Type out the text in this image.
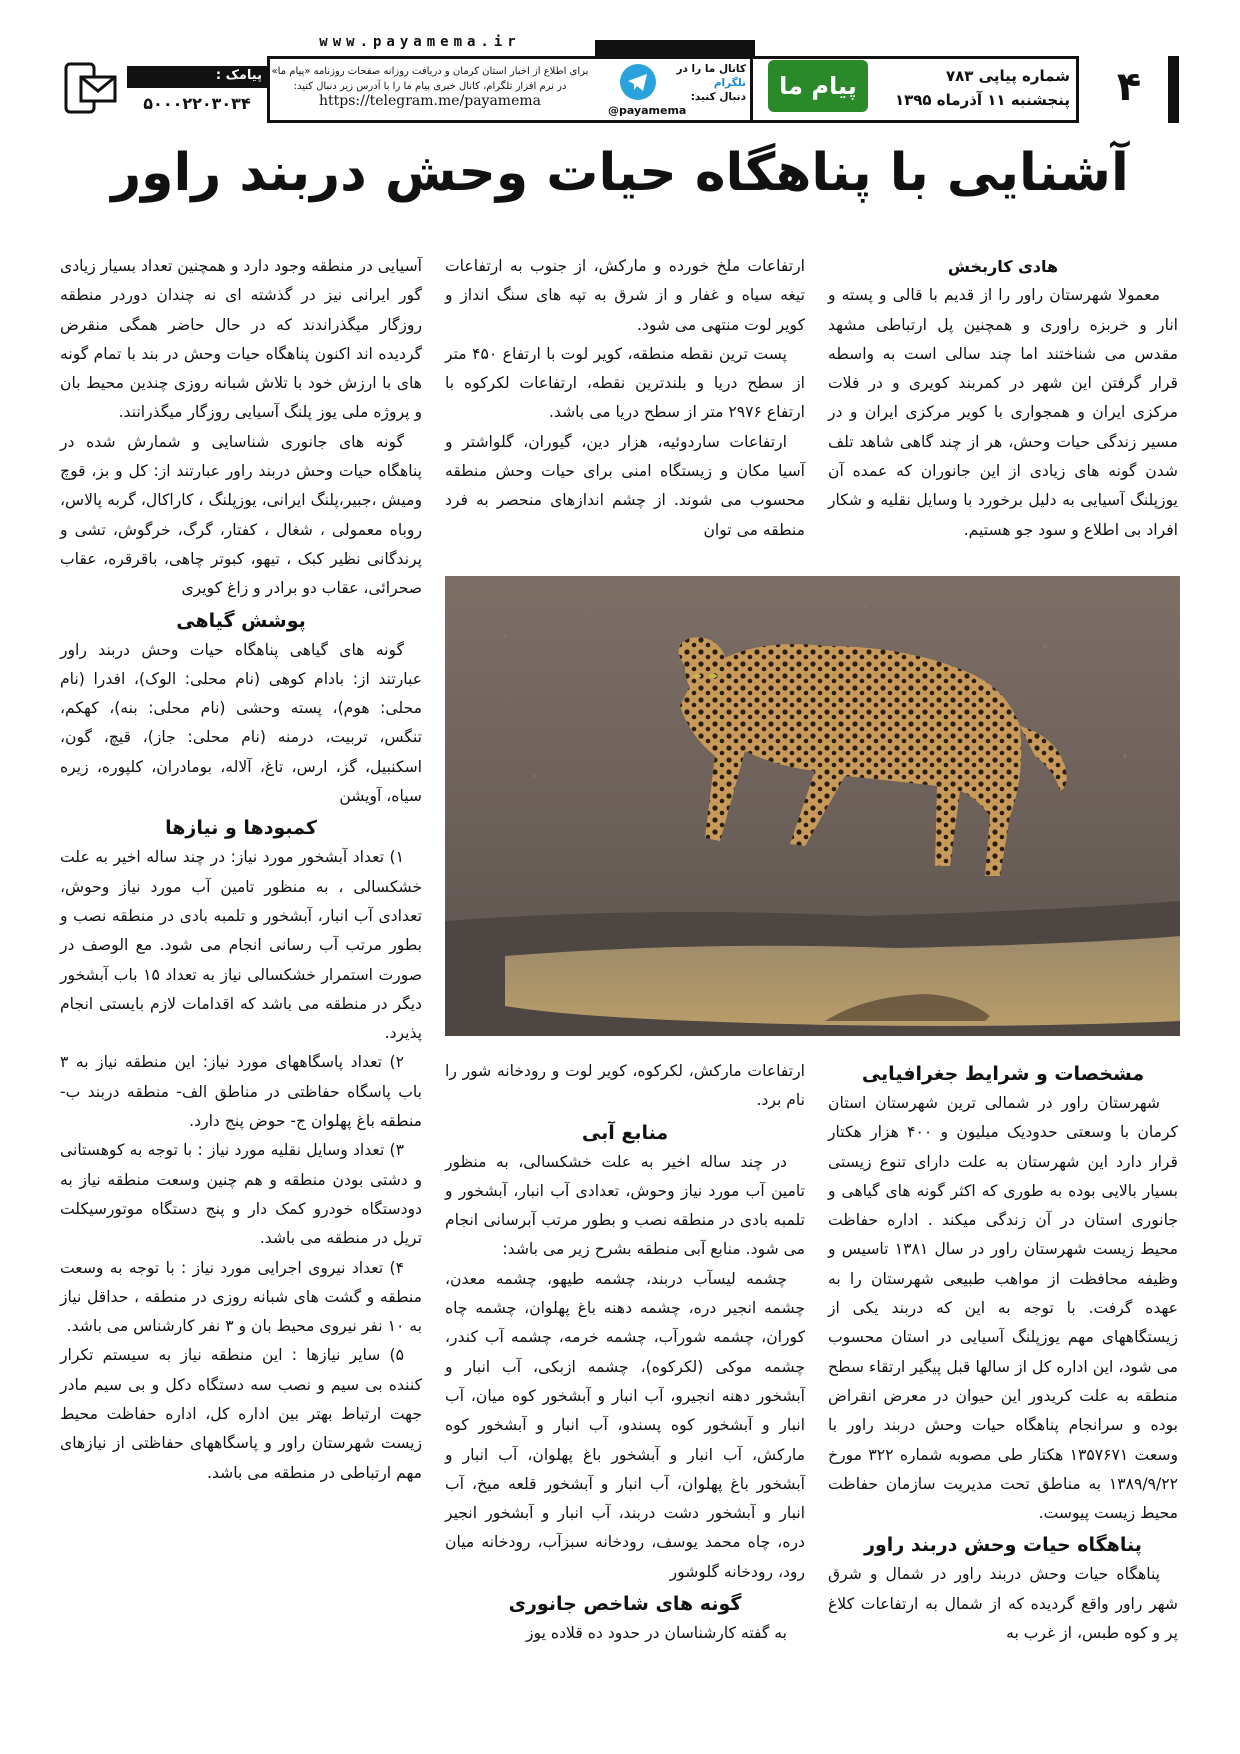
www.payamema.ir
۴
شماره پیاپی ۷۸۳
پنجشنبه ۱۱ آذرماه ۱۳۹۵
پیام ما
کانال ما را در
تلگرام
دنبال کنید:
@payamema
برای اطلاع از اخبار استان کرمان و دریافت روزانه صفحات روزنامه «پیام ما»
در نرم افزار تلگرام، کانال خبری پیام ما را با آدرس زیر دنبال کنید:
https://telegram.me/payamema
پیامک :
۵۰۰۰۲۲۰۳۰۳۴
آشنایی با پناهگاه حیات وحش دربند راور
هادی کاربخش

معمولا شهرستان راور را از قدیم با قالی و پسته و انار و خربزه راوری و همچنین پل ارتباطی مشهد مقدس می شناختند اما چند سالی است به واسطه قرار گرفتن این شهر در کمربند کویری و در فلات مرکزی ایران و همجواری با کویر مرکزی ایران و در مسیر زندگی حیات وحش، هر از چند گاهی شاهد تلف شدن گونه های زیادی از این جانوران که عمده آن یوزپلنگ آسیایی به دلیل برخورد با وسایل نقلیه و شکار افراد بی اطلاع و سود جو هستیم.

ارتفاعات ملخ خورده و مارکش، از جنوب به ارتفاعات تیغه سیاه و غفار و از شرق به تپه های سنگ انداز و کویر لوت منتهی می شود.

پست ترین نقطه منطقه، کویر لوت با ارتفاع ۴۵۰ متر از سطح دریا و بلندترین نقطه، ارتفاعات لکرکوه با ارتفاع ۲۹۷۶ متر از سطح دریا می باشد.

ارتفاعات ساردوئیه، هزار دین، گیوران، گلواشتر و آسیا مکان و زیستگاه امنی برای حیات وحش منطقه محسوب می شوند. از چشم اندازهای منحصر به فرد منطقه می توان

مشخصات و شرایط جغرافیایی

شهرستان راور در شمالی ترین شهرستان استان کرمان با وسعتی حدودیک میلیون و ۴۰۰ هزار هکتار قرار دارد این شهرستان به علت دارای تنوع زیستی بسیار بالایی بوده به طوری که اکثر گونه های گیاهی و جانوری استان در آن زندگی میکند . اداره حفاظت محیط زیست شهرستان راور در سال ۱۳۸۱ تاسیس و وظیفه محافظت از مواهب طبیعی شهرستان را به عهده گرفت. با توجه به این که دربند یکی از زیستگاههای مهم یوزپلنگ آسیایی در استان محسوب می شود، این اداره کل از سالها قبل پیگیر ارتقاء سطح منطقه به علت کریدور این حیوان در معرض انقراض بوده و سرانجام پناهگاه حیات وحش دربند راور با وسعت ۱۳۵۷۶۷۱ هکتار طی مصوبه شماره ۳۲۲ مورخ ۱۳۸۹/۹/۲۲ به مناطق تحت مدیریت سازمان حفاظت محیط زیست پیوست.

پناهگاه حیات وحش دربند راور

پناهگاه حیات وحش دربند راور در شمال و شرق شهر راور واقع گردیده که از شمال به ارتفاعات کلاغ پر و کوه طبس، از غرب به

ارتفاعات مارکش، لکرکوه، کویر لوت و رودخانه شور را نام برد.

منابع آبی

در چند ساله اخیر به علت خشکسالی، به منظور تامین آب مورد نیاز وحوش، تعدادی آب انبار، آبشخور و تلمبه بادی در منطقه نصب و بطور مرتب آبرسانی انجام می شود. منابع آبی منطقه بشرح زیر می باشد:

چشمه لیسآب دربند، چشمه طیهو، چشمه معدن، چشمه انجیر دره، چشمه دهنه باغ پهلوان، چشمه چاه کوران، چشمه شورآب، چشمه خرمه، چشمه آب کندر، چشمه موکی (لکرکوه)، چشمه ازبکی، آب انبار و آبشخور دهنه انجیرو، آب انبار و آبشخور کوه میان، آب انبار و آبشخور کوه پسندو، آب انبار و آبشخور کوه مارکش، آب انبار و آبشخور باغ پهلوان، آب انبار و آبشخور باغ پهلوان، آب انبار و آبشخور قلعه میخ، آب انبار و آبشخور دشت دربند، آب انبار و آبشخور انجیر دره، چاه محمد یوسف، رودخانه سبزآب، رودخانه میان رود، رودخانه گلوشور

گونه های شاخص جانوری

به گفته کارشناسان در حدود ده قلاده یوز

آسیایی در منطقه وجود دارد و همچنین تعداد بسیار زیادی گور ایرانی نیز در گذشته ای نه چندان دوردر منطقه روزگار میگذراندند که در حال حاضر همگی منقرض گردیده اند اکنون پناهگاه حیات وحش در بند با تمام گونه های با ارزش خود با تلاش شبانه روزی چندین محیط بان و پروژه ملی یوز پلنگ آسیایی روزگار میگذرانند.

گونه های جانوری شناسایی و شمارش شده در پناهگاه حیات وحش دربند راور عبارتند از: کل و بز، قوچ ومیش ،جبیر،پلنگ ایرانی، یوزپلنگ ، کاراکال، گربه پالاس، روباه معمولی ، شغال ، کفتار، گرگ، خرگوش، تشی و پرندگانی نظیر کبک ، تیهو، کبوتر چاهی، باقرقره، عقاب صحرائی، عقاب دو برادر و زاغ کویری

پوشش گیاهی

گونه های گیاهی پناهگاه حیات وحش دربند راور عبارتند از: بادام کوهی (نام محلی: الوک)، افدرا (نام محلی: هوم)، پسته وحشی (نام محلی: بنه)، کهکم، تنگس، تربیت، درمنه (نام محلی: جاز)، قیچ، گون، اسکنبیل، گز، ارس، تاغ، آلاله، بومادران، کلپوره، زیره سیاه، آویشن

کمبودها و نیازها

۱) تعداد آبشخور مورد نیاز: در چند ساله اخیر به علت خشکسالی ، به منظور تامین آب مورد نیاز وحوش، تعدادی آب انبار، آبشخور و تلمبه بادی در منطقه نصب و بطور مرتب آب رسانی انجام می شود. مع الوصف در صورت استمرار خشکسالی نیاز به تعداد ۱۵ باب آبشخور دیگر در منطقه می باشد که اقدامات لازم بایستی انجام پذیرد.

۲) تعداد پاسگاههای مورد نیاز: این منطقه نیاز به ۳ باب پاسگاه حفاظتی در مناطق الف- منطقه دربند ب- منطقه باغ پهلوان ج- حوض پنج دارد.

۳) تعداد وسایل نقلیه مورد نیاز : با توجه به کوهستانی و دشتی بودن منطقه و هم چنین وسعت منطقه نیاز به دودستگاه خودرو کمک دار و پنج دستگاه موتورسیکلت تریل در منطقه می باشد.

۴) تعداد نیروی اجرایی مورد نیاز : با توجه به وسعت منطقه و گشت های شبانه روزی در منطقه ، حداقل نیاز به ۱۰ نفر نیروی محیط بان و ۳ نفر کارشناس می باشد.

۵) سایر نیازها : این منطقه نیاز به سیستم تکرار کننده بی سیم و نصب سه دستگاه دکل و بی سیم مادر جهت ارتباط بهتر بین اداره کل، اداره حفاظت محیط زیست شهرستان راور و پاسگاههای حفاظتی از نیازهای مهم ارتباطی در منطقه می باشد.
